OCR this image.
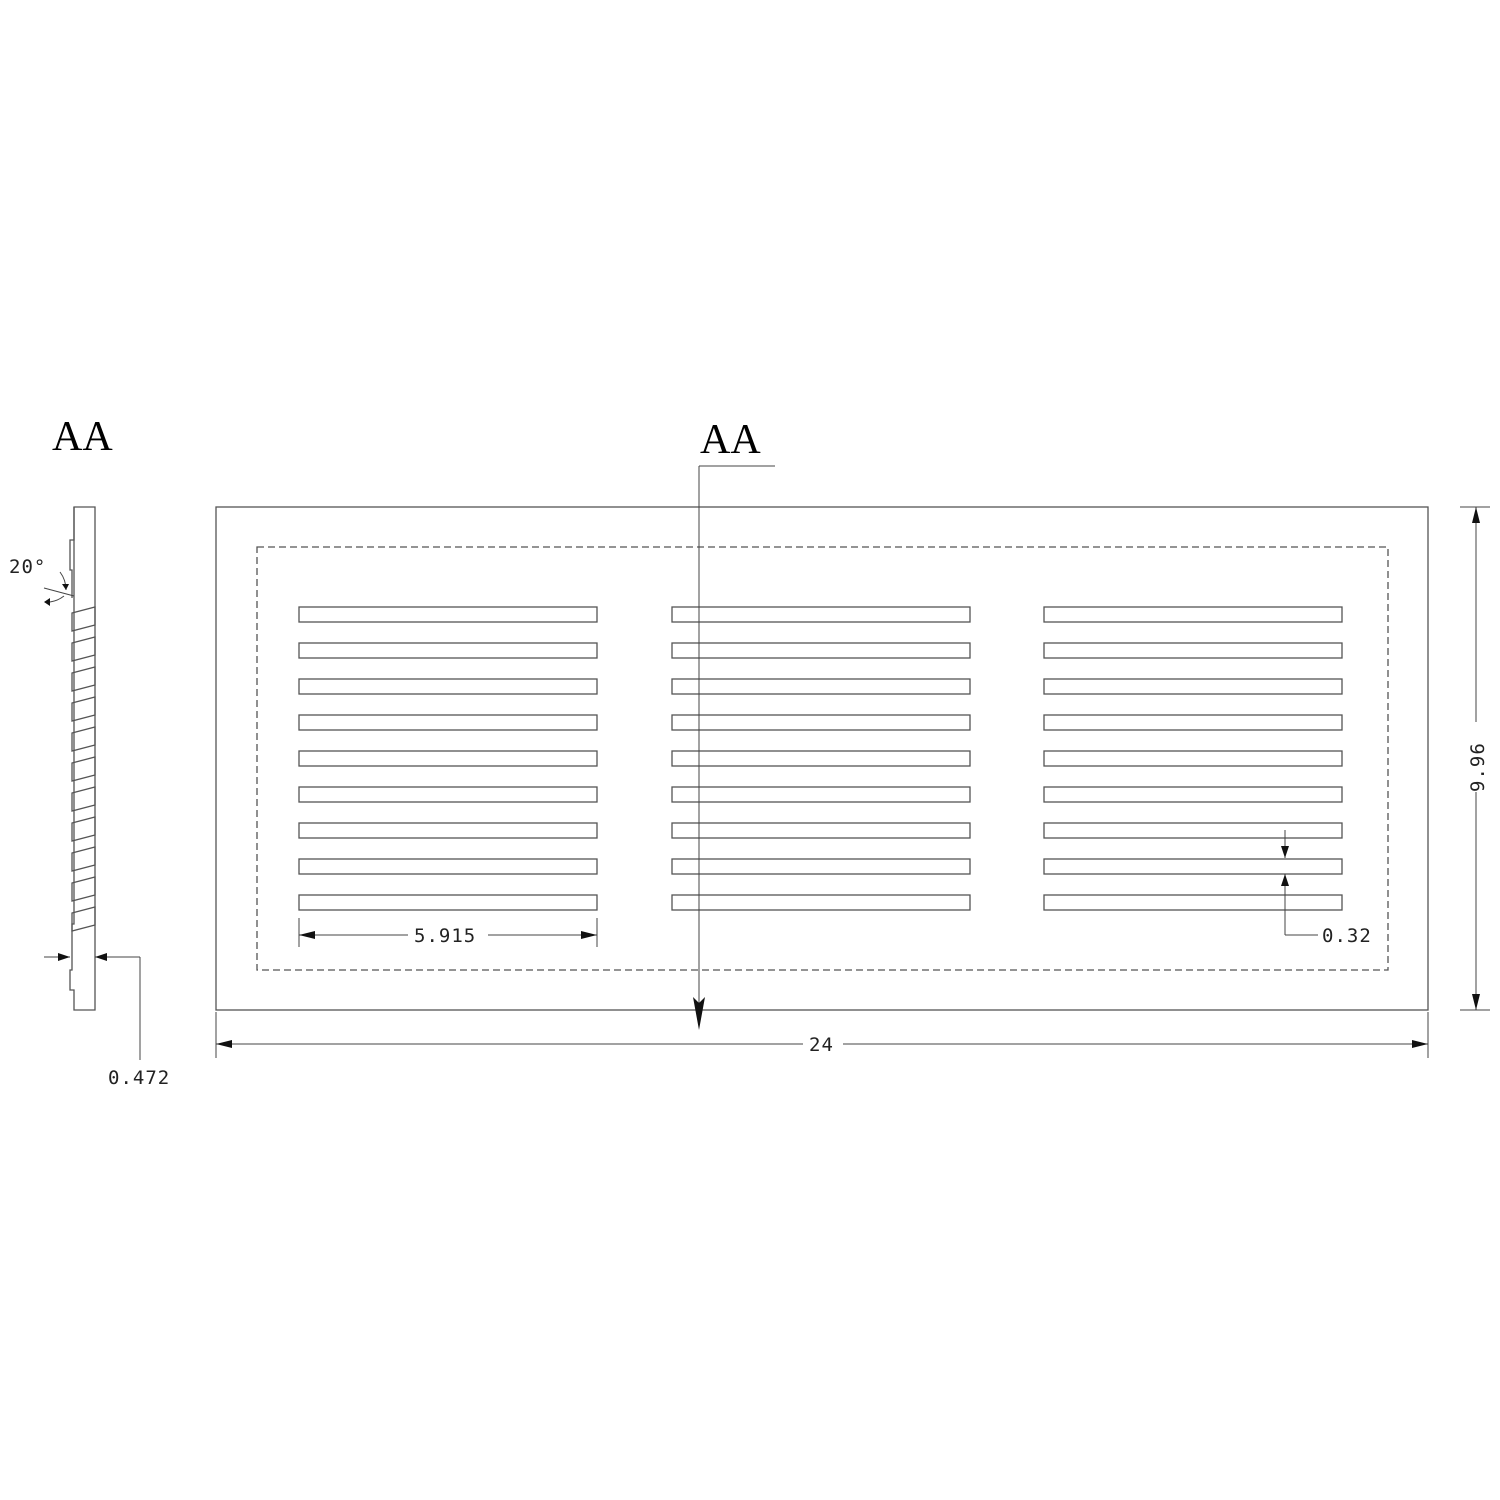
AA
20°
0.472
AA
5.915	0.32
24
9.96
